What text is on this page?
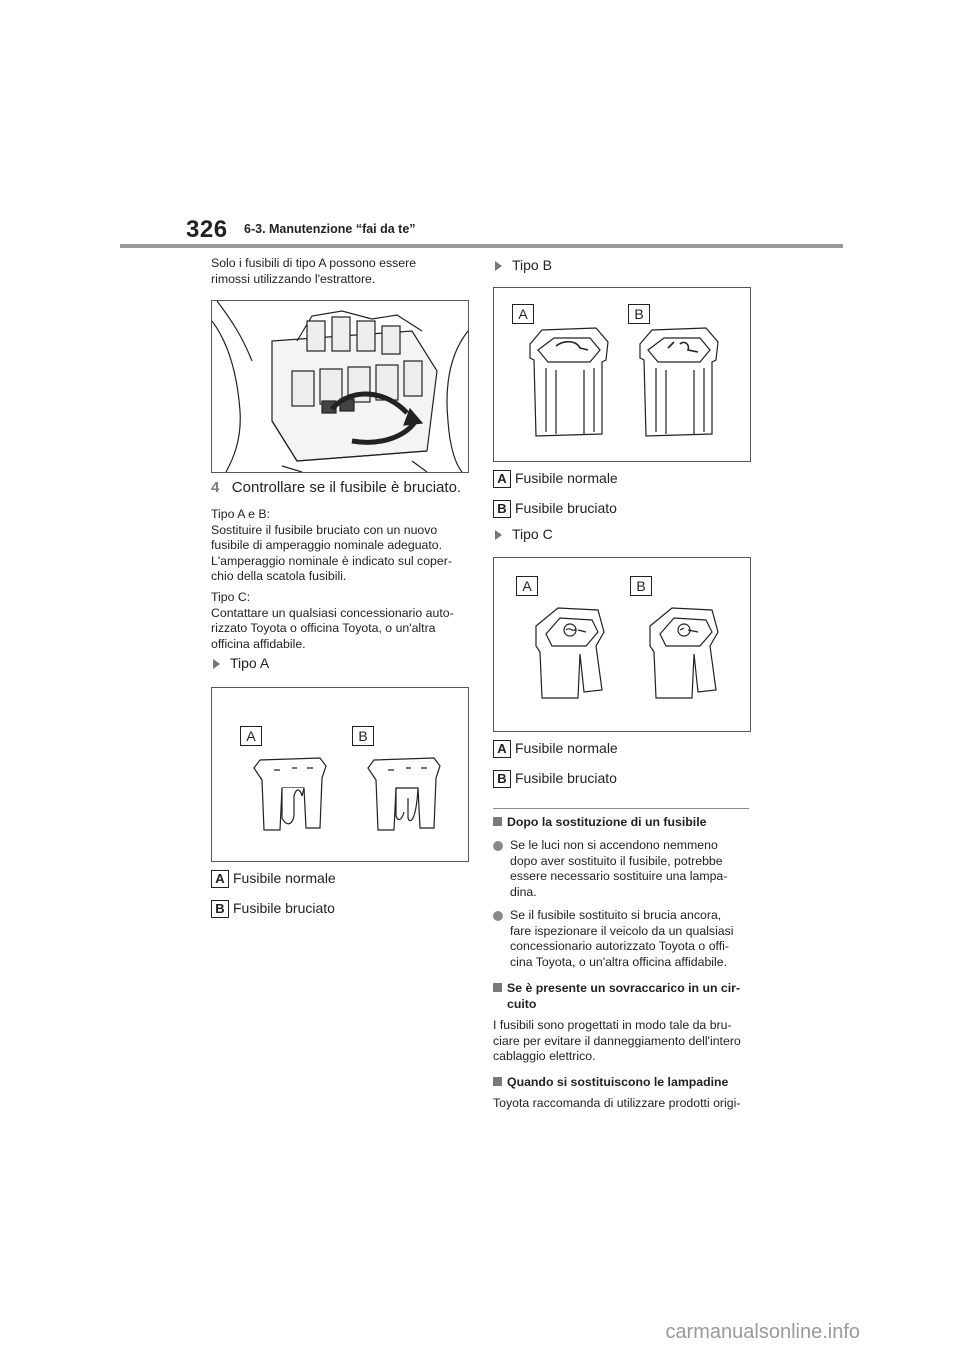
326 6-3. Manutenzione “fai da te”
Solo i fusibili di tipo A possono essere
rimossi utilizzando l'estrattore.
4 Controllare se il fusibile è bruciato.
Tipo A e B:
Sostituire il fusibile bruciato con un nuovo
fusibile di amperaggio nominale adeguato.
L'amperaggio nominale è indicato sul coper-
chio della scatola fusibili.
Tipo C:
Contattare un qualsiasi concessionario auto-
rizzato Toyota o officina Toyota, o un'altra
officina affidabile.
Tipo A
A	B
A Fusibile normale
B Fusibile bruciato
Tipo B
A	B
A Fusibile normale
B Fusibile bruciato
Tipo C
A	B
A Fusibile normale
B Fusibile bruciato
Dopo la sostituzione di un fusibile
Se le luci non si accendono nemmeno
dopo aver sostituito il fusibile, potrebbe
essere necessario sostituire una lampa-
dina.
Se il fusibile sostituito si brucia ancora,
fare ispezionare il veicolo da un qualsiasi
concessionario autorizzato Toyota o offi-
cina Toyota, o un'altra officina affidabile.
Se è presente un sovraccarico in un cir-
cuito
I fusibili sono progettati in modo tale da bru-
ciare per evitare il danneggiamento dell'intero
cablaggio elettrico.
Quando si sostituiscono le lampadine
Toyota raccomanda di utilizzare prodotti origi-
carmanualsonline.info
